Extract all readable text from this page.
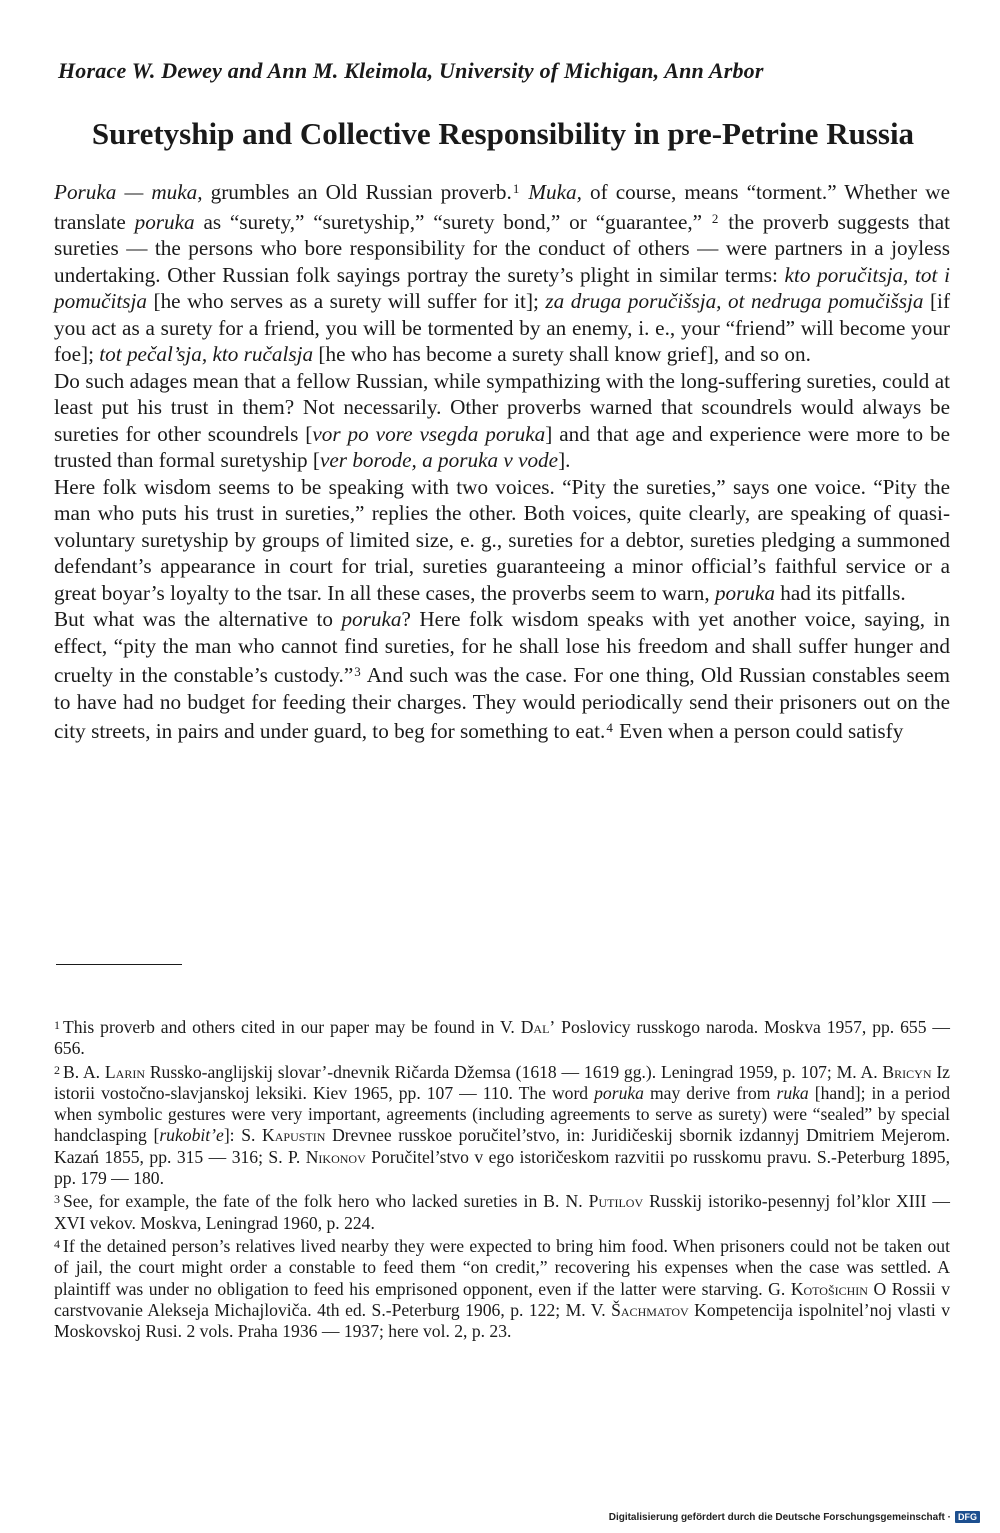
Horace W. Dewey and Ann M. Kleimola, University of Michigan, Ann Arbor
Suretyship and Collective Responsibility in pre-Petrine Russia

Poruka — muka, grumbles an Old Russian proverb.$^1$ Muka, of course, means “torment.” Whether we translate poruka as “surety,” “suretyship,” “surety bond,” or “guarantee,” $^2$ the proverb suggests that sureties — the persons who bore responsibility for the conduct of others — were partners in a joyless undertaking. Other Russian folk sayings portray the surety’s plight in similar terms: kto poručitsja, tot i pomučitsja [he who serves as a surety will suffer for it]; za druga poručišsja, ot nedruga pomučišsja [if you act as a surety for a friend, you will be tormented by an enemy, i. e., your “friend” will become your foe]; tot pečal’sja, kto ručalsja [he who has become a surety shall know grief], and so on.

Do such adages mean that a fellow Russian, while sympathizing with the long-suffering sureties, could at least put his trust in them? Not necessarily. Other proverbs warned that scoundrels would always be sureties for other scoundrels [vor po vore vsegda poruka] and that age and experience were more to be trusted than formal suretyship [ver borode, a poruka v vode].

Here folk wisdom seems to be speaking with two voices. “Pity the sureties,” says one voice. “Pity the man who puts his trust in sureties,” replies the other. Both voices, quite clearly, are speaking of quasi-voluntary suretyship by groups of limited size, e. g., sureties for a debtor, sureties pledging a summoned defendant’s appearance in court for trial, sureties guaranteeing a minor official’s faithful service or a great boyar’s loyalty to the tsar. In all these cases, the proverbs seem to warn, poruka had its pitfalls.

But what was the alternative to poruka? Here folk wisdom speaks with yet another voice, saying, in effect, “pity the man who cannot find sureties, for he shall lose his freedom and shall suffer hunger and cruelty in the constable’s custody.”$^3$ And such was the case. For one thing, Old Russian constables seem to have had no budget for feeding their charges. They would periodically send their prisoners out on the city streets, in pairs and under guard, to beg for something to eat.$^4$ Even when a person could satisfy

$^1$ This proverb and others cited in our paper may be found in V. Dal’ Poslovicy russkogo naroda. Moskva 1957, pp. 655 — 656.

$^2$ B. A. Larin Russko-anglijskij slovar’-dnevnik Ričarda Džemsa (1618 — 1619 gg.). Leningrad 1959, p. 107; M. A. Bricyn Iz istorii vostočno-slavjanskoj leksiki. Kiev 1965, pp. 107 — 110. The word poruka may derive from ruka [hand]; in a period when symbolic gestures were very important, agreements (including agreements to serve as surety) were “sealed” by special handclasping [rukobit’e]: S. Kapustin Drevnee russkoe poručitel’stvo, in: Juridičeskij sbornik izdannyj Dmitriem Mejerom. Kazań 1855, pp. 315 — 316; S. P. Nikonov Poručitel’stvo v ego istoričeskom razvitii po russkomu pravu. S.-Peterburg 1895, pp. 179 — 180.

$^3$ See, for example, the fate of the folk hero who lacked sureties in B. N. Putilov Russkij istoriko-pesennyj fol’klor XIII — XVI vekov. Moskva, Leningrad 1960, p. 224.

$^4$ If the detained person’s relatives lived nearby they were expected to bring him food. When prisoners could not be taken out of jail, the court might order a constable to feed them “on credit,” recovering his expenses when the case was settled. A plaintiff was under no obligation to feed his emprisoned opponent, even if the latter were starving. G. Kotošichin O Rossii v carstvovanie Alekseja Michajloviča. 4th ed. S.-Peterburg 1906, p. 122; M. V. Šachmatov Kompetencija ispolnitel’noj vlasti v Moskovskoj Rusi. 2 vols. Praha 1936 — 1937; here vol. 2, p. 23.

Digitalisierung gefördert durch die Deutsche Forschungsgemeinschaft · DFG
